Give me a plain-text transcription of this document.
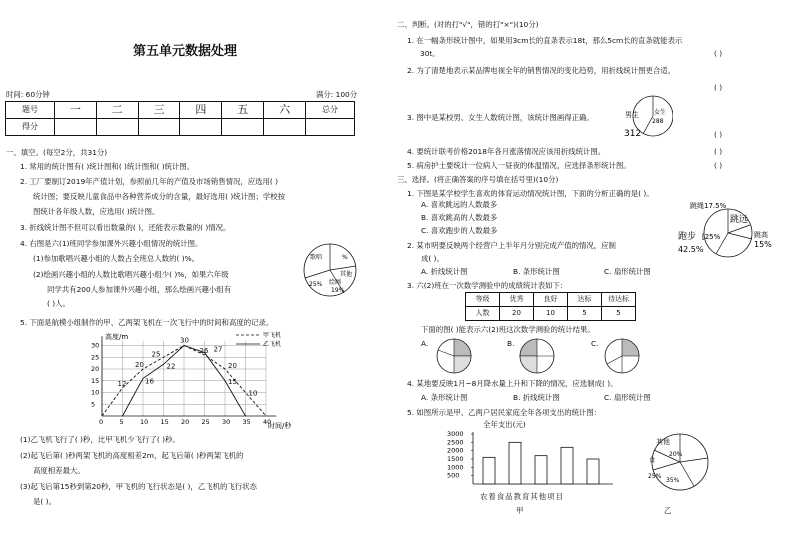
第五单元数据处理
时间: 60分钟	满分: 100分
题号	一	二	三	四	五	六	总分
得分							
一、填空。(每空2分，共31分)
1. 常用的统计图有( )统计图和( )统计图和( )统计图。
2. 工厂要制订2019年产值计划，参照前几年的产值及市场销售情况，应选用( )
统计图；要反映儿童食品中各种营养成分的含量，最好选用( )统计图；学校按
图统计各年级人数，应选用( )统计图。
3. 折线统计图不但可以看出数量的( )，还能表示数量的( )情况。
4. 右图是六(1)班同学参加课外兴趣小组情况的统计图。
(1)参加歌唱兴趣小组的人数占全班总人数的( )%。
(2)绘画兴趣小组的人数比歌唱兴趣小组少( )%，如果六年级
同学共有200人参加课外兴趣小组，那么绘画兴趣小组有
( )人。
歌唱	%
其他
绘画
25%
19%
5. 下面是航模小组制作的甲、乙两架飞机在一次飞行中的时间和高度的记录。
0	5	10 15 20 25 30 35 40
5
10
15
20
25
30
高度/m
时间/秒
甲飞机
乙飞机
30
25	26 27
22
20
16	15
12
10
20
(1)乙飞机飞行了( )秒，比甲飞机少飞行了( )秒。
(2)起飞后第( )秒两架飞机的高度相差2m，起飞后第( )秒两架飞机的
高度相差最大。
(3)起飞后第15秒到第20秒，甲飞机的飞行状态是( )，乙飞机的飞行状态
是( )。
二、判断。(对的打"√"，错的打"×")(10分)
1. 在一幅条形统计图中，如果用3cm长的直条表示18t，那么5cm长的直条就能表示
30t。	( )
2. 为了清楚地表示某品牌电视全年的销售情况的变化趋势，用折线统计图更合适。
( )
3. 图中是某校男、女生人数统计图，该统计图画得正确。	男生
312
女生
288
( )
4. 要统计联考价格2018年各月涨落情况应该用折线统计图。	( )
5. 病房护士要统计一位病人一昼夜的体温情况，应选择条形统计图。	( )
三、选择。(将正确答案的序号填在括号里)(10分)
1. 下图是某学校学生喜欢的体育运动情况统计图，下面的分析正确的是( )。
A. 喜欢跳远的人数最多
B. 喜欢跳高的人数最多
C. 喜欢跑步的人数最多
跳绳17.5%
跳远
跑步 [25%	跳高
42.5%
15%
2. 某市明要反映两个经营户上半年月分别完成产值的情况，应制
成( )。
A. 折线统计图	B. 条形统计图	C. 扇形统计图
3. 六(2)班在一次数学测验中的成绩统计表如下：
等级	优秀	良好	达标	待达标
人数	20	10	5	5
下面的图( )能表示六(2)班这次数学测验的统计结果。
A.	B.	C.
4. 某地要反映1月~8月降水量上升和下降的情况，应选制成( )。
A. 条形统计图	B. 折线统计图	C. 扇形统计图
5. 如图所示是甲、乙两户居民家庭全年各项支出的统计图：
全年支出(元)
500
1000
1500
2000
2500
3000
农着食品教育其他项目
甲
其他
20%
食
25%
35%
乙
